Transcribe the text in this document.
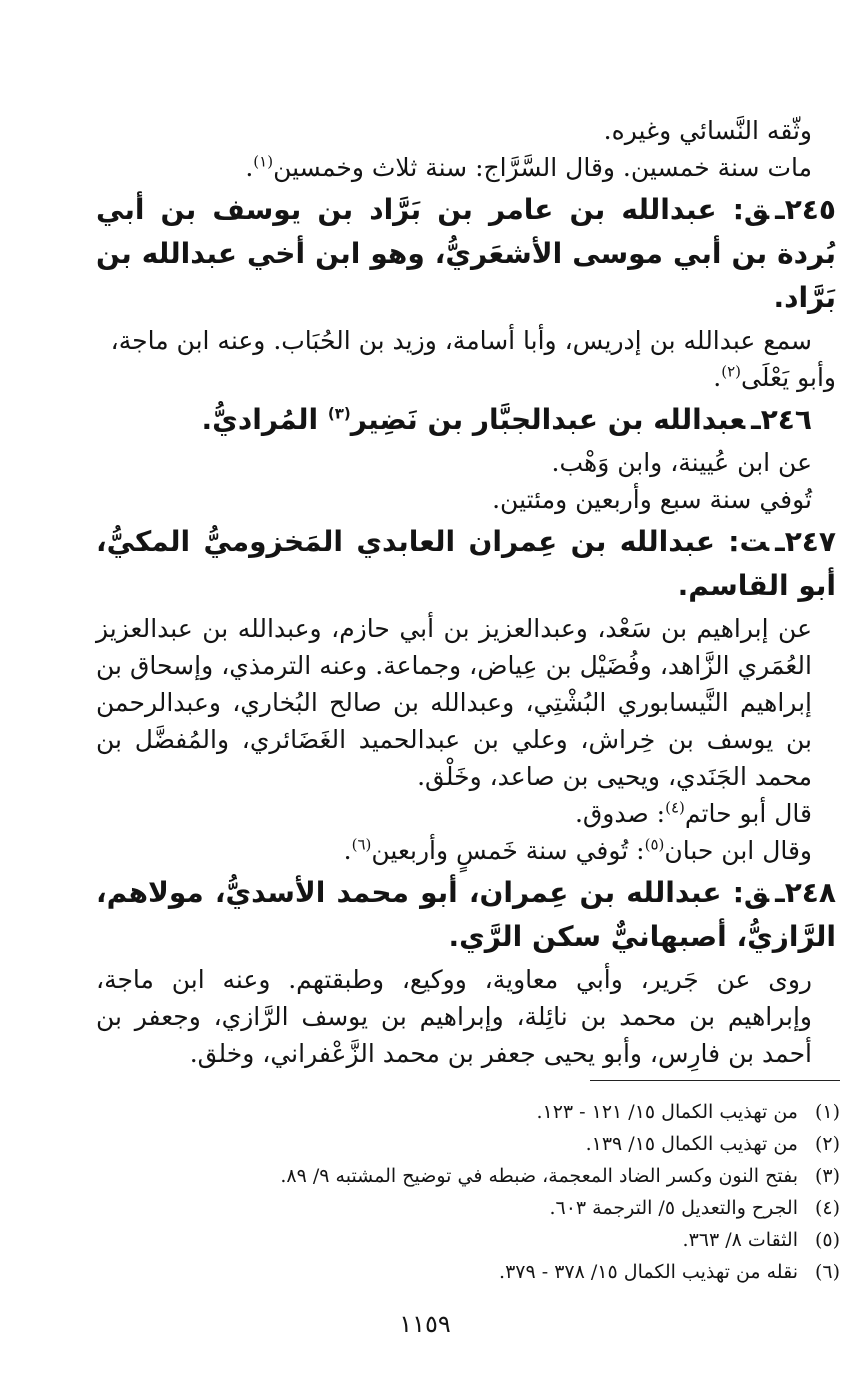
وثّقه النَّسائي وغيره.

مات سنة خمسين. وقال السَّرَّاج: سنة ثلاث وخمسين$^{(١)}$.

٢٤٥ـق: عبدالله بن عامر بن بَرَّاد بن يوسف بن أبي بُردة بن أبي موسى الأشعَريُّ، وهو ابن أخي عبدالله بن بَرَّاد.

سمع عبدالله بن إدريس، وأبا أسامة، وزيد بن الحُبَاب. وعنه ابن ماجة،

وأبو يَعْلَى$^{(٢)}$.

٢٤٦ـعبدالله بن عبدالجبَّار بن نَضِير$^{(٣)}$ المُراديُّ.

عن ابن عُيينة، وابن وَهْب.

تُوفي سنة سبع وأربعين ومئتين.

٢٤٧ـت: عبدالله بن عِمران العابدي المَخزوميُّ المكيُّ، أبو القاسم.

عن إبراهيم بن سَعْد، وعبدالعزيز بن أبي حازم، وعبدالله بن عبدالعزيز العُمَري الزَّاهد، وفُضَيْل بن عِياض، وجماعة. وعنه الترمذي، وإسحاق بن إبراهيم النَّيسابوري البُشْتِي، وعبدالله بن صالح البُخاري، وعبدالرحمن بن يوسف بن خِراش، وعلي بن عبدالحميد الغَضَائري، والمُفضَّل بن محمد الجَنَدي، ويحيى بن صاعد، وخَلْق.

قال أبو حاتم$^{(٤)}$: صدوق.

وقال ابن حبان$^{(٥)}$: تُوفي سنة خَمسٍ وأربعين$^{(٦)}$.

٢٤٨ـق: عبدالله بن عِمران، أبو محمد الأسديُّ، مولاهم، الرَّازيُّ، أصبهانيٌّ سكن الرَّي.

روى عن جَرير، وأبي معاوية، ووكيع، وطبقتهم. وعنه ابن ماجة، وإبراهيم بن محمد بن نائِلة، وإبراهيم بن يوسف الرَّازي، وجعفر بن أحمد بن فارِس، وأبو يحيى جعفر بن محمد الزَّعْفراني، وخلق.

(١)
من تهذيب الكمال ١٥/ ١٢١ - ١٢٣.

(٢)
من تهذيب الكمال ١٥/ ١٣٩.

(٣)
بفتح النون وكسر الضاد المعجمة، ضبطه في توضيح المشتبه ٩/ ٨٩.

(٤)
الجرح والتعديل ٥/ الترجمة ٦٠٣.

(٥)
الثقات ٨/ ٣٦٣.

(٦)
نقله من تهذيب الكمال ١٥/ ٣٧٨ - ٣٧٩.

١١٥٩
